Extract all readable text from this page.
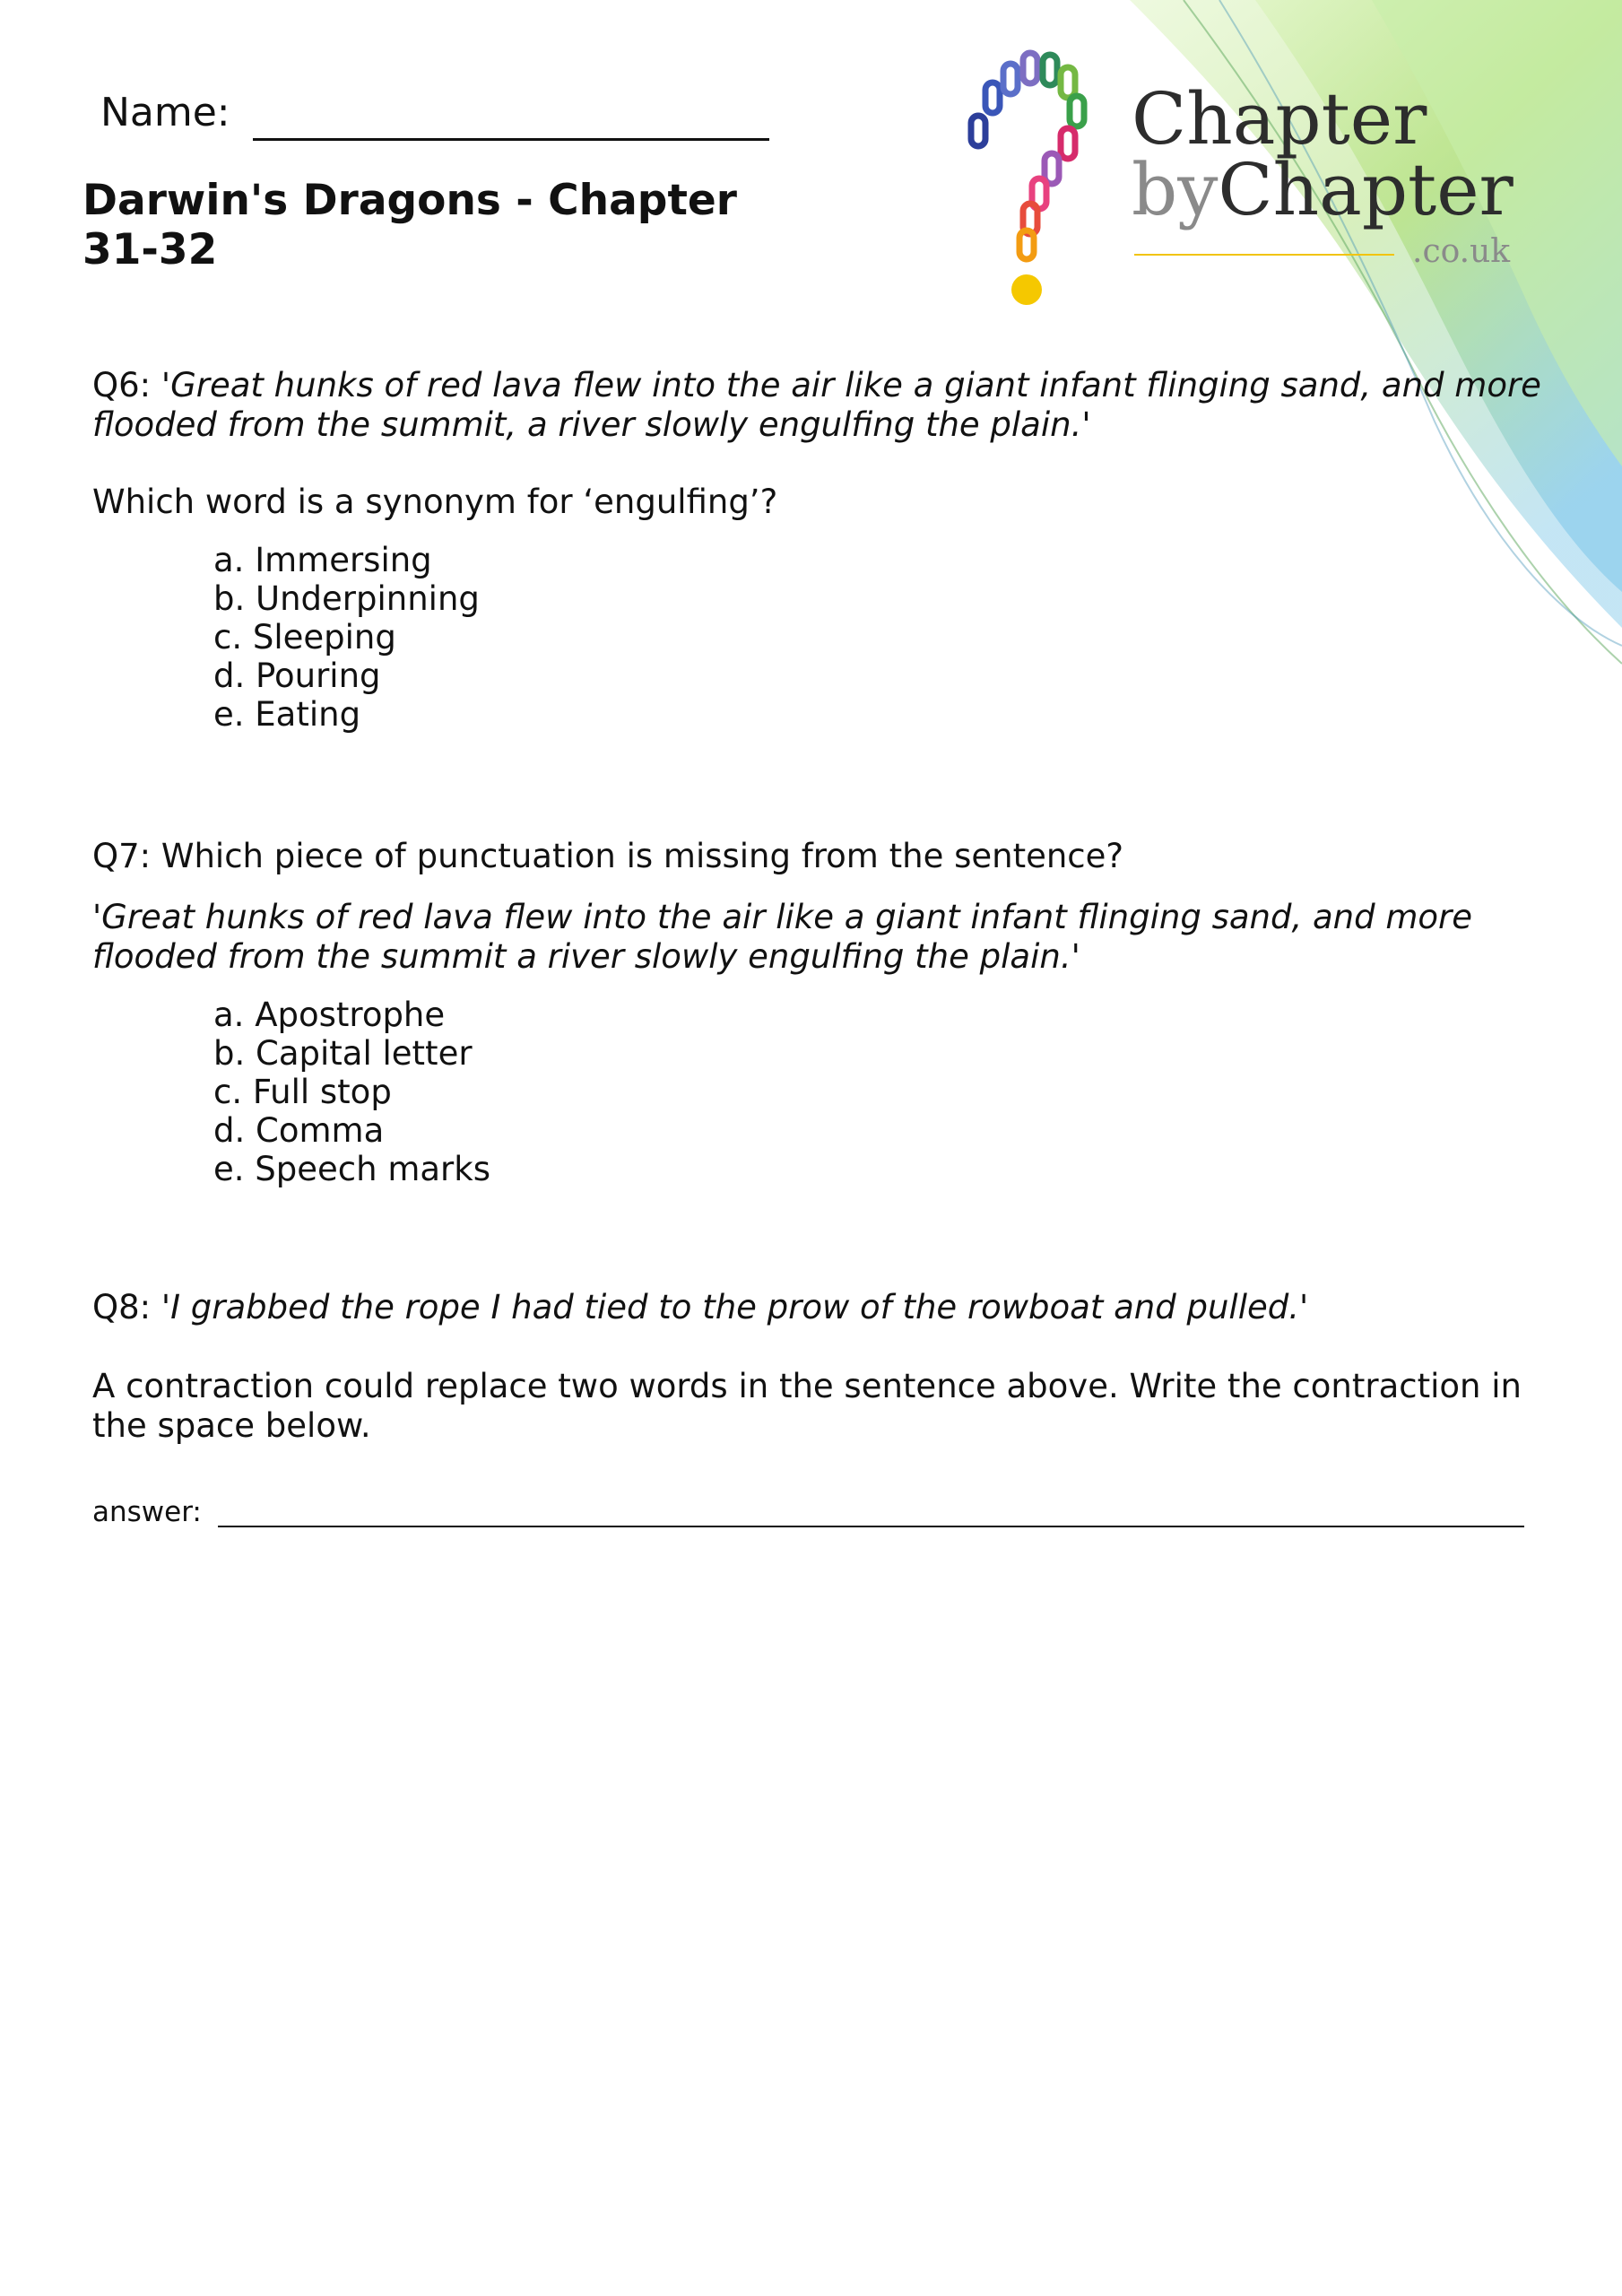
Name:
Darwin's Dragons - Chapter 31-32
Chapter
byChapter
.co.uk
Q6: 'Great hunks of red lava flew into the air like a giant infant flinging sand, and more flooded from the summit, a river slowly engulfing the plain.'
Which word is a synonym for ‘engulfing’?
a. Immersing
b. Underpinning
c. Sleeping
d. Pouring
e. Eating
Q7: Which piece of punctuation is missing from the sentence?
'Great hunks of red lava flew into the air like a giant infant flinging sand, and more flooded from the summit a river slowly engulfing the plain.'
a. Apostrophe
b. Capital letter
c. Full stop
d. Comma
e. Speech marks
Q8: 'I grabbed the rope I had tied to the prow of the rowboat and pulled.'
A contraction could replace two words in the sentence above. Write the contraction in the space below.
answer:
